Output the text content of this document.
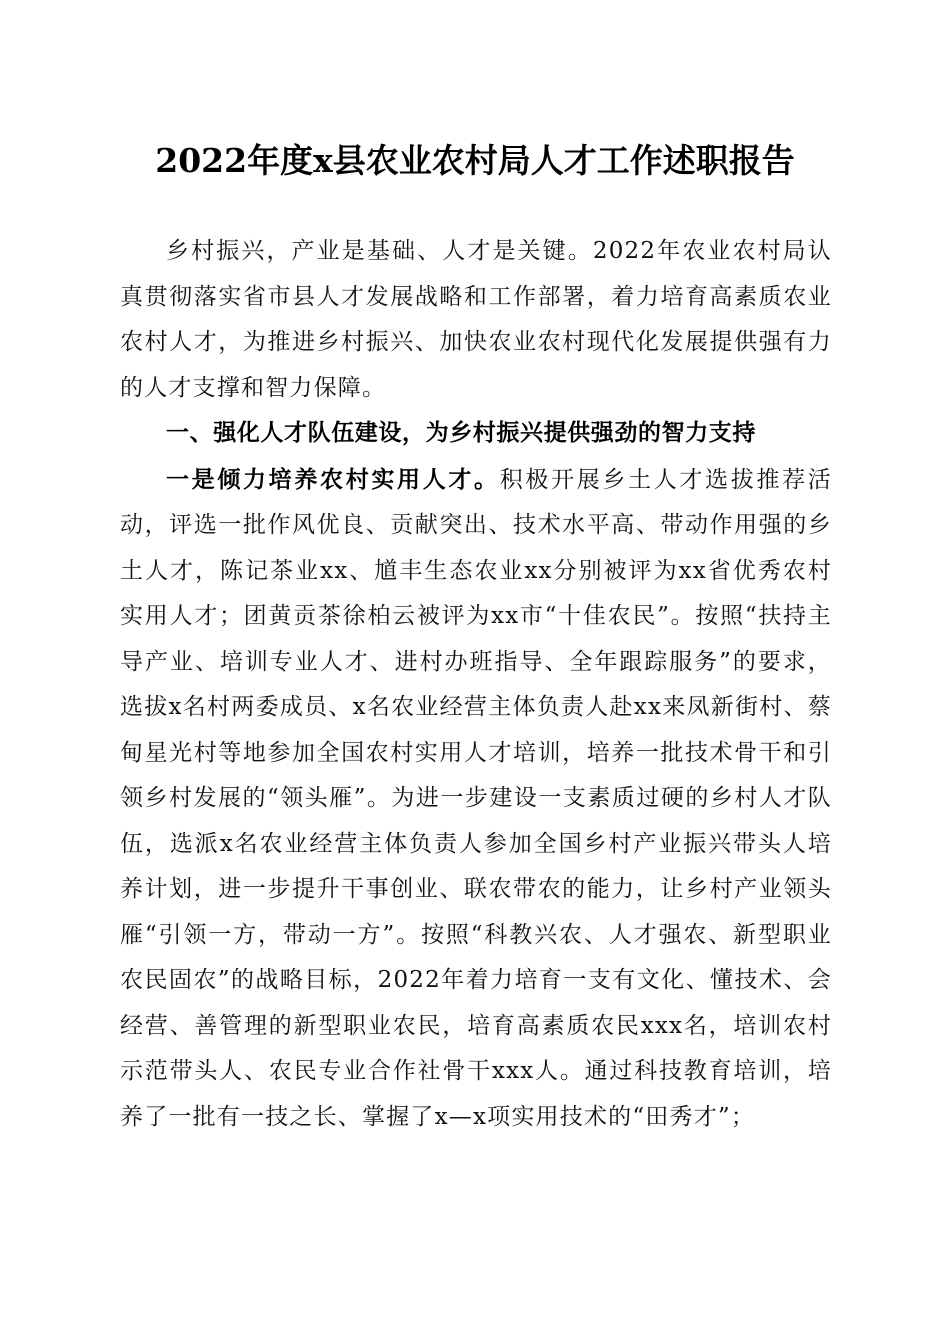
2022年度x县农业农村局人才工作述职报告

乡村振兴，产业是基础、人才是关键。2022年农业农村局认真贯彻落实省市县人才发展战略和工作部署，着力培育高素质农业农村人才，为推进乡村振兴、加快农业农村现代化发展提供强有力的人才支撑和智力保障。

一、强化人才队伍建设，为乡村振兴提供强劲的智力支持

一是倾力培养农村实用人才。积极开展乡土人才选拔推荐活动，评选一批作风优良、贡献突出、技术水平高、带动作用强的乡土人才，陈记茶业xx、馗丰生态农业xx分别被评为xx省优秀农村实用人才；团黄贡茶徐柏云被评为xx市“十佳农民”。按照“扶持主导产业、培训专业人才、进村办班指导、全年跟踪服务”的要求，选拔x名村两委成员、x名农业经营主体负责人赴xx来凤新街村、蔡甸星光村等地参加全国农村实用人才培训，培养一批技术骨干和引领乡村发展的“领头雁”。为进一步建设一支素质过硬的乡村人才队伍，选派x名农业经营主体负责人参加全国乡村产业振兴带头人培养计划，进一步提升干事创业、联农带农的能力，让乡村产业领头雁“引领一方，带动一方”。按照“科教兴农、人才强农、新型职业农民固农”的战略目标，2022年着力培育一支有文化、懂技术、会经营、善管理的新型职业农民，培育高素质农民xxx名，培训农村示范带头人、农民专业合作社骨干xxx人。通过科技教育培训，培养了一批有一技之长、掌握了x—x项实用技术的“田秀才”；
